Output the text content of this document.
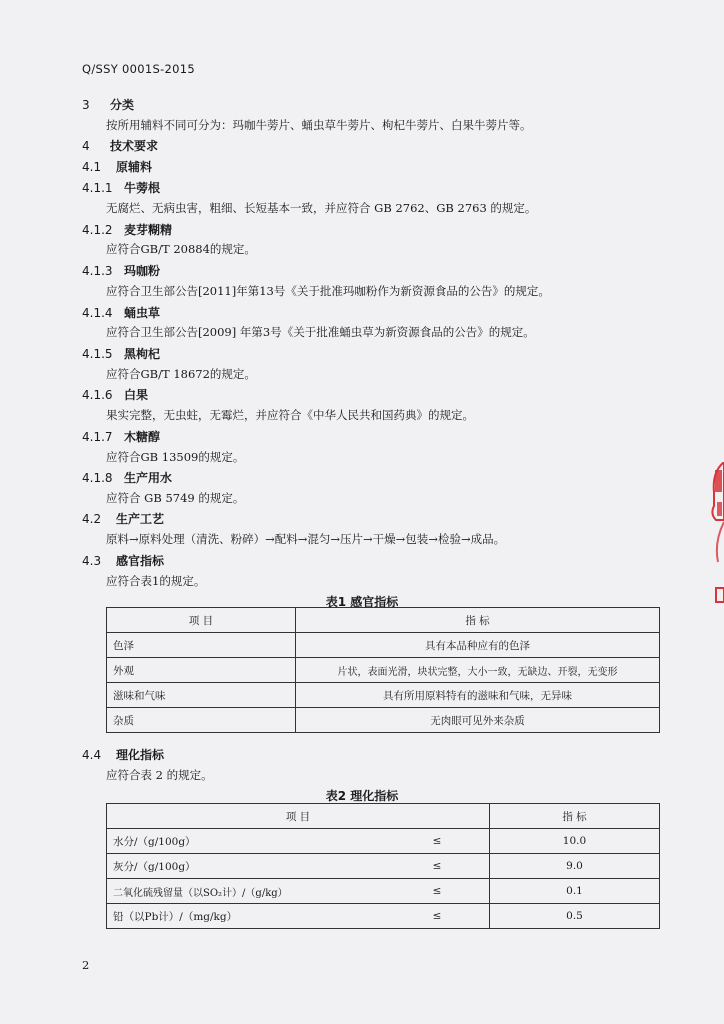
Q/SSY 0001S-2015
3 分类
按所用辅料不同可分为：玛咖牛蒡片、蛹虫草牛蒡片、枸杞牛蒡片、白果牛蒡片等。
4 技术要求
4.1 原辅料
4.1.1 牛蒡根
无腐烂、无病虫害，粗细、长短基本一致，并应符合 GB 2762、GB 2763 的规定。
4.1.2 麦芽糊精
应符合GB/T 20884的规定。
4.1.3 玛咖粉
应符合卫生部公告[2011]年第13号《关于批准玛咖粉作为新资源食品的公告》的规定。
4.1.4 蛹虫草
应符合卫生部公告[2009] 年第3号《关于批准蛹虫草为新资源食品的公告》的规定。
4.1.5 黑枸杞
应符合GB/T 18672的规定。
4.1.6 白果
果实完整，无虫蛀，无霉烂，并应符合《中华人民共和国药典》的规定。
4.1.7 木糖醇
应符合GB 13509的规定。
4.1.8 生产用水
应符合 GB 5749 的规定。
4.2 生产工艺
原料→原料处理（清洗、粉碎）→配料→混匀→压片→干燥→包装→检验→成品。
4.3 感官指标
应符合表1的规定。
表1 感官指标
项 目	指 标
色泽	具有本品种应有的色泽
外观	片状，表面光滑，块状完整，大小一致，无缺边、开裂，无变形
滋味和气味	具有所用原料特有的滋味和气味，无异味
杂质	无肉眼可见外来杂质
4.4 理化指标
应符合表 2 的规定。
表2 理化指标
项 目		指 标
水分/（g/100g）	≤	10.0
灰分/（g/100g）	≤	9.0
二氧化硫残留量（以SO₂计）/（g/kg）	≤	0.1
铅（以Pb计）/（mg/kg）	≤	0.5
2
